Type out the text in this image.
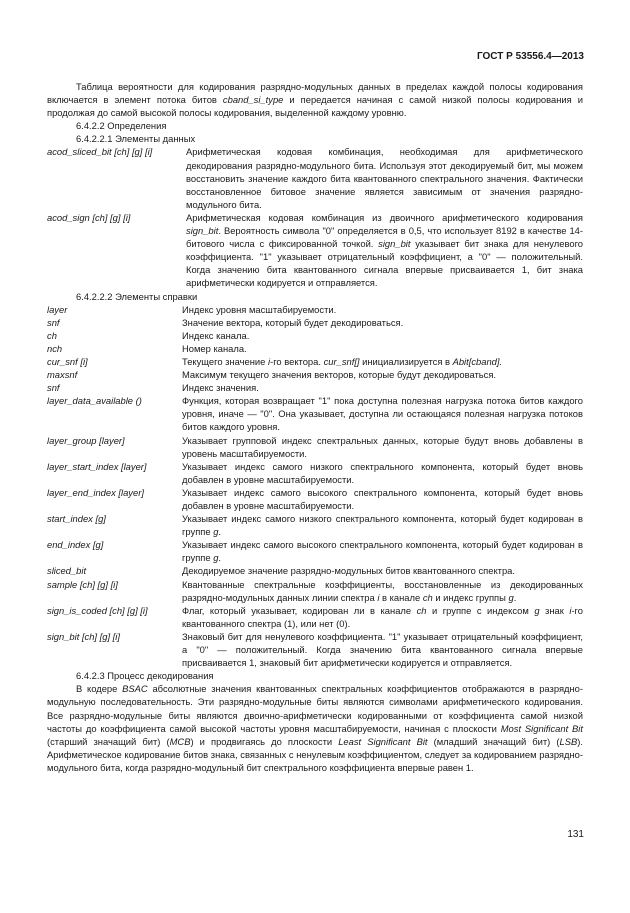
ГОСТ Р 53556.4—2013

Таблица вероятности для кодирования разрядно-модульных данных в пределах каждой полосы кодирования включается в элемент потока битов cband_si_type и передается начиная с самой низкой полосы кодирования и продолжая до самой высокой полосы кодирования, выделенной каждому уровню.

6.4.2.2 Определения

6.4.2.2.1 Элементы данных

acod_sliced_bit [ch] [g] [i]	Арифметическая кодовая комбинация, необходимая для арифметического декодирования разрядно-модульного бита. Используя этот декодируемый бит, мы можем восстановить значение каждого бита квантованного спектрального значения. Фактически восстановленное битовое значение является зависимым от значения разрядно-модульного бита.
acod_sign [ch] [g] [i]	Арифметическая кодовая комбинация из двоичного арифметического кодирования sign_bit. Вероятность символа "0" определяется в 0,5, что использует 8192 в качестве 14-битового числа с фиксированной точкой. sign_bit указывает бит знака для ненулевого коэффициента. "1" указывает отрицательный коэффициент, а "0" — положительный. Когда значению бита квантованного сигнала впервые присваивается 1, бит знака арифметически кодируется и отправляется.

6.4.2.2.2 Элементы справки

layer	Индекс уровня масштабируемости.
snf	Значение вектора, который будет декодироваться.
ch	Индекс канала.
nch	Номер канала.
cur_snf [i]	Текущего значение i-го вектора. cur_snf[] инициализируется в Abit[cband].
maxsnf	Максимум текущего значения векторов, которые будут декодироваться.
snf	Индекс значения.
layer_data_available ()	Функция, которая возвращает "1" пока доступна полезная нагрузка потока битов каждого уровня, иначе — "0". Она указывает, доступна ли остающаяся полезная нагрузка потоков битов каждого уровня.
layer_group [layer]	Указывает групповой индекс спектральных данных, которые будут вновь добавлены в уровень масштабируемости.
layer_start_index [layer]	Указывает индекс самого низкого спектрального компонента, который будет вновь добавлен в уровне масштабируемости.
layer_end_index [layer]	Указывает индекс самого высокого спектрального компонента, который будет вновь добавлен в уровне масштабируемости.
start_index [g]	Указывает индекс самого низкого спектрального компонента, который будет кодирован в группе g.
end_index [g]	Указывает индекс самого высокого спектрального компонента, который будет кодирован в группе g.
sliced_bit	Декодируемое значение разрядно-модульных битов квантованного спектра.
sample [ch] [g] [i]	Квантованные спектральные коэффициенты, восстановленные из декодированных разрядно-модульных данных линии спектра i в канале ch и индекс группы g.
sign_is_coded [ch] [g] [i]	Флаг, который указывает, кодирован ли в канале ch и группе с индексом g знак i-го квантованного спектра (1), или нет (0).
sign_bit [ch] [g] [i]	Знаковый бит для ненулевого коэффициента. "1" указывает отрицательный коэффициент, а "0" — положительный. Когда значению бита квантованного сигнала впервые присваивается 1, знаковый бит арифметически кодируется и отправляется.

6.4.2.3 Процесс декодирования

В кодере BSAC абсолютные значения квантованных спектральных коэффициентов отображаются в разрядно-модульную последовательность. Эти разрядно-модульные биты являются символами арифметического кодирования. Все разрядно-модульные биты являются двоично-арифметически кодированными от коэффициента самой низкой частоты до коэффициента самой высокой частоты уровня масштабируемости, начиная с плоскости Most Significant Bit (старший значащий бит) (MCB) и продвигаясь до плоскости Least Significant Bit (младший значащий бит) (LSB). Арифметическое кодирование битов знака, связанных с ненулевым коэффициентом, следует за кодированием разрядно-модульного бита, когда разрядно-модульный бит спектрального коэффициента впервые равен 1.

131
